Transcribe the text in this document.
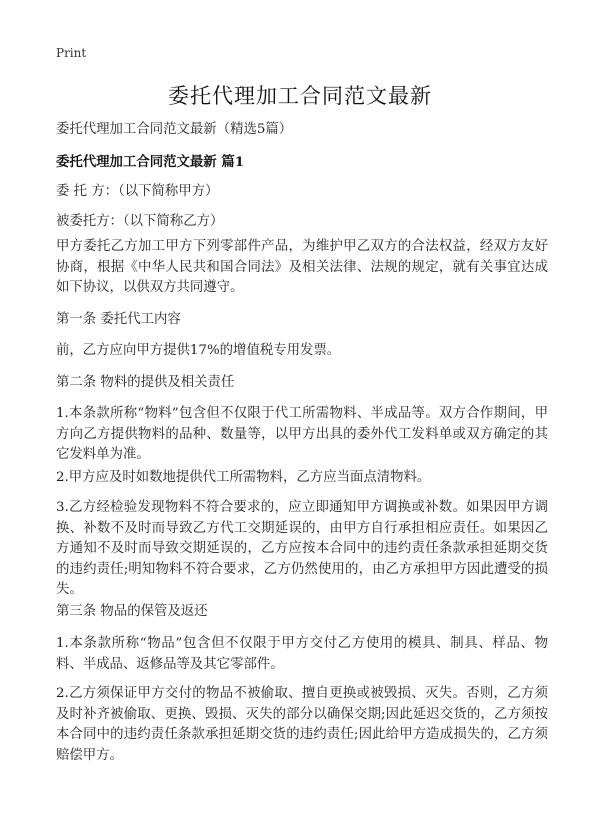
Print
委托代理加工合同范文最新

委托代理加工合同范文最新（精选5篇）

委托代理加工合同范文最新 篇1

委 托 方：（以下简称甲方）

被委托方：（以下简称乙方）

甲方委托乙方加工甲方下列零部件产品，为维护甲乙双方的合法权益，经双方友好协商，根据《中华人民共和国合同法》及相关法律、法规的规定，就有关事宜达成如下协议，以供双方共同遵守。

第一条 委托代工内容

前，乙方应向甲方提供17%的增值税专用发票。

第二条 物料的提供及相关责任

1.本条款所称“物料”包含但不仅限于代工所需物料、半成品等。双方合作期间，甲方向乙方提供物料的品种、数量等，以甲方出具的委外代工发料单或双方确定的其它发料单为准。

2.甲方应及时如数地提供代工所需物料，乙方应当面点清物料。

3.乙方经检验发现物料不符合要求的，应立即通知甲方调换或补数。如果因甲方调换、补数不及时而导致乙方代工交期延误的，由甲方自行承担相应责任。如果因乙方通知不及时而导致交期延误的，乙方应按本合同中的违约责任条款承担延期交货的违约责任;明知物料不符合要求，乙方仍然使用的，由乙方承担甲方因此遭受的损失。

第三条 物品的保管及返还

1.本条款所称“物品”包含但不仅限于甲方交付乙方使用的模具、制具、样品、物料、半成品、返修品等及其它零部件。

2.乙方须保证甲方交付的物品不被偷取、擅自更换或被毁损、灭失。否则，乙方须及时补齐被偷取、更换、毁损、灭失的部分以确保交期;因此延迟交货的，乙方须按本合同中的违约责任条款承担延期交货的违约责任;因此给甲方造成损失的，乙方须赔偿甲方。
